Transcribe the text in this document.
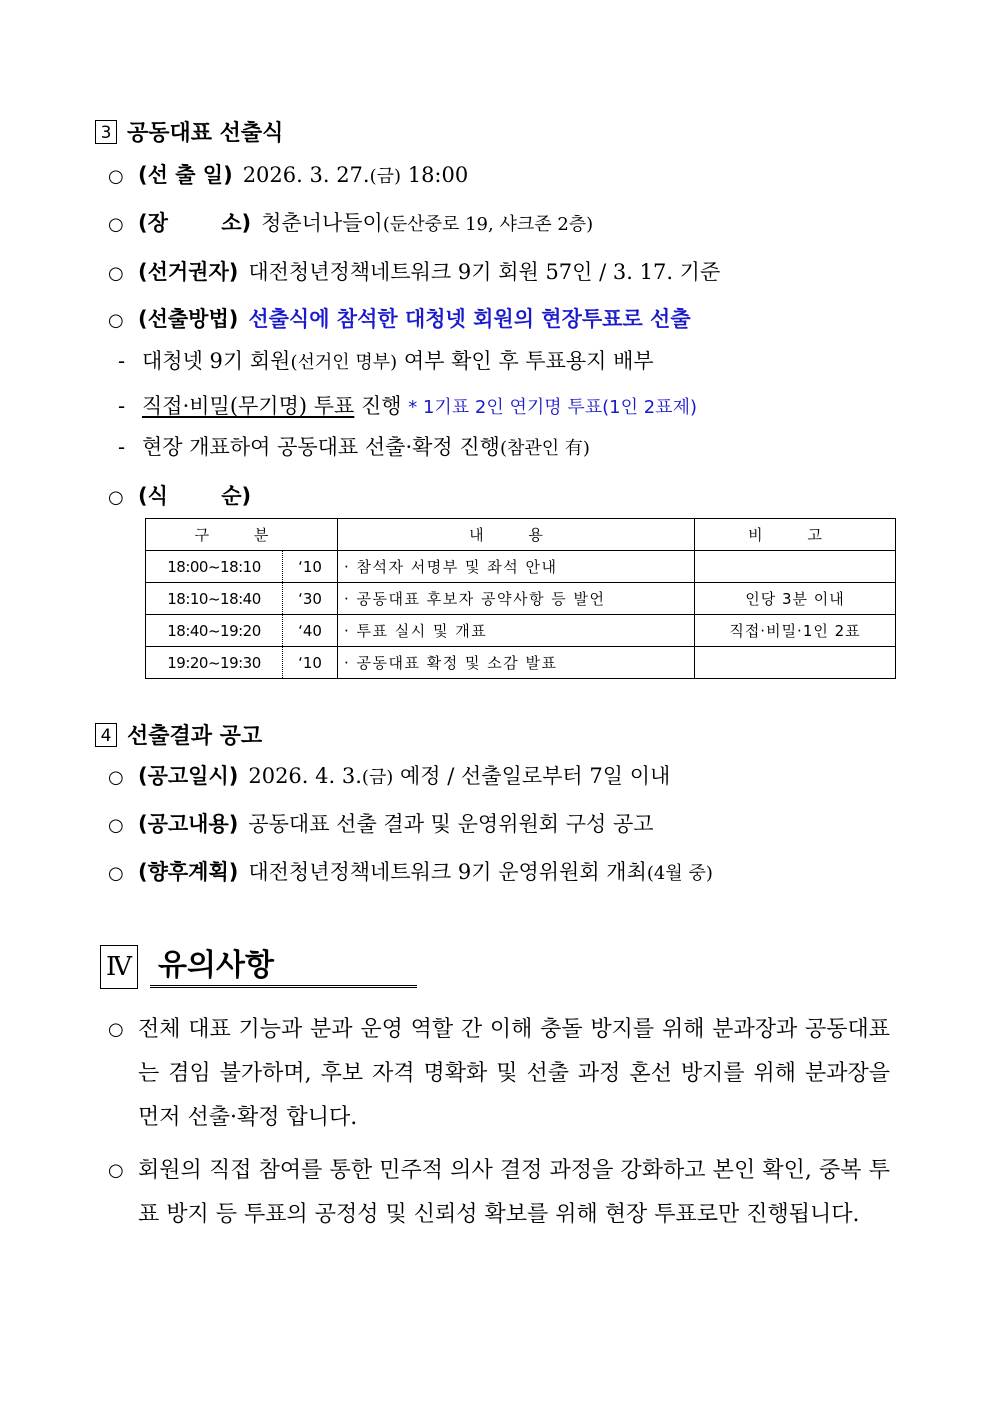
3 공동대표 선출식
○ (선 출 일) 2026. 3. 27.(금) 18:00
○ (장 소) 청춘너나들이(둔산중로 19, 샤크존 2층)
○ (선거권자) 대전청년정책네트워크 9기 회원 57인 / 3. 17. 기준
○ (선출방법) 선출식에 참석한 대청넷 회원의 현장투표로 선출
- 대청넷 9기 회원(선거인 명부) 여부 확인 후 투표용지 배부
- 직접·비밀(무기명) 투표 진행 * 1기표 2인 연기명 투표(1인 2표제)
- 현장 개표하여 공동대표 선출·확정 진행(참관인 有)
○ (식 순)
구 분		내 용	비 고
18:00~18:10	‘10	· 참석자 서명부 및 좌석 안내	
18:10~18:40	‘30	· 공동대표 후보자 공약사항 등 발언	인당 3분 이내
18:40~19:20	‘40	· 투표 실시 및 개표	직접·비밀·1인 2표
19:20~19:30	‘10	· 공동대표 확정 및 소감 발표	
4 선출결과 공고
○ (공고일시) 2026. 4. 3.(금) 예정 / 선출일로부터 7일 이내
○ (공고내용) 공동대표 선출 결과 및 운영위원회 구성 공고
○ (향후계획) 대전청년정책네트워크 9기 운영위원회 개최(4월 중)
Ⅳ 유의사항
○ 전체 대표 기능과 분과 운영 역할 간 이해 충돌 방지를 위해 분과장과 공동대표는 겸임 불가하며, 후보 자격 명확화 및 선출 과정 혼선 방지를 위해 분과장을 먼저 선출·확정 합니다.
○ 회원의 직접 참여를 통한 민주적 의사 결정 과정을 강화하고 본인 확인, 중복 투표 방지 등 투표의 공정성 및 신뢰성 확보를 위해 현장 투표로만 진행됩니다.
